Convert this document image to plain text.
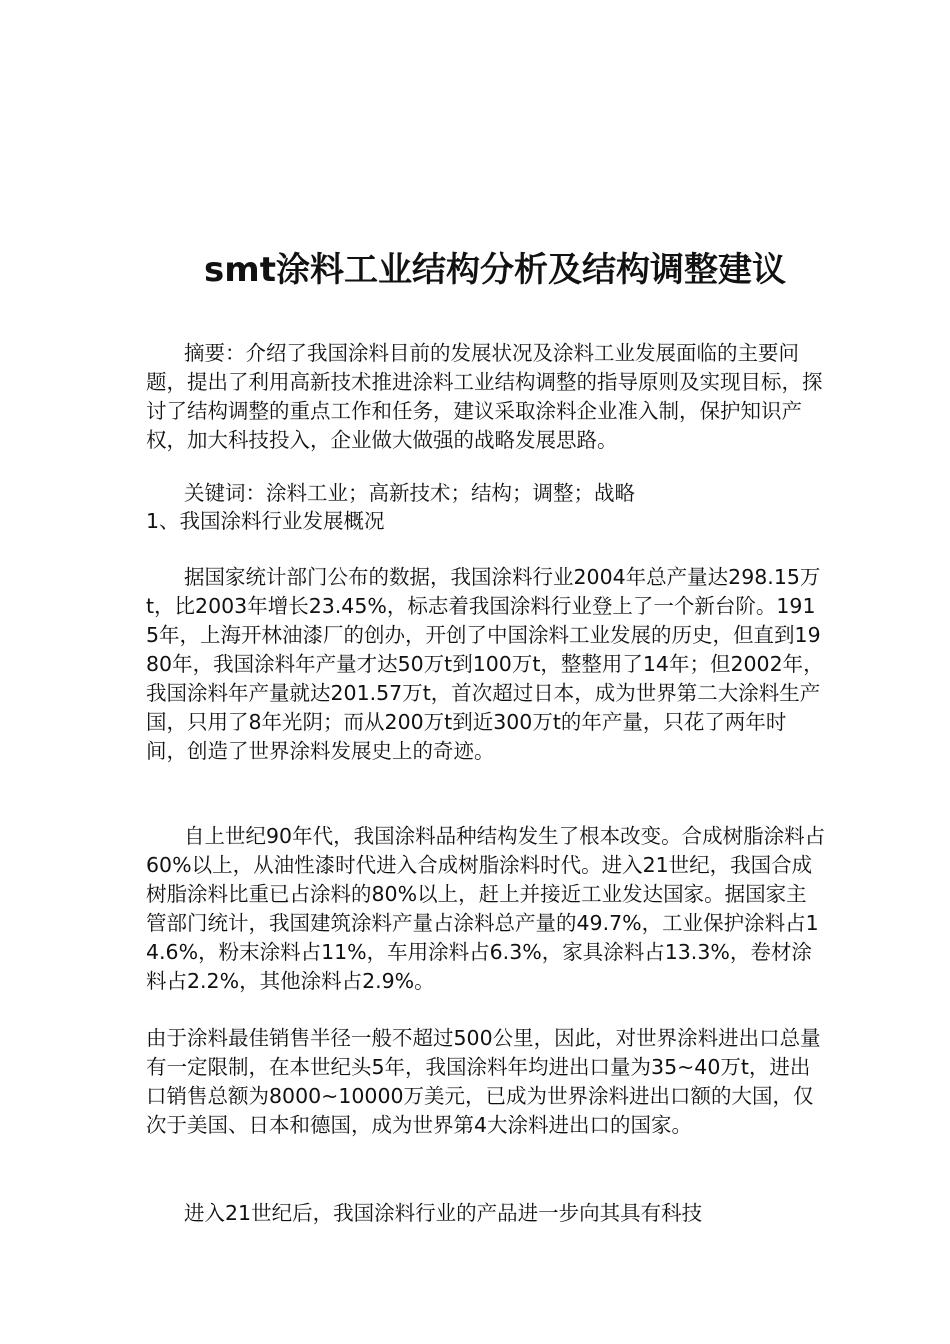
smt涂料工业结构分析及结构调整建议

摘要：介绍了我国涂料目前的发展状况及涂料工业发展面临的主要问题，提出了利用高新技术推进涂料工业结构调整的指导原则及实现目标，探讨了结构调整的重点工作和任务，建议采取涂料企业准入制，保护知识产权，加大科技投入，企业做大做强的战略发展思路。

关键词：涂料工业；高新技术；结构；调整；战略

1、我国涂料行业发展概况

据国家统计部门公布的数据，我国涂料行业2004年总产量达298.15万t，比2003年增长23.45%，标志着我国涂料行业登上了一个新台阶。1915年，上海开林油漆厂的创办，开创了中国涂料工业发展的历史，但直到1980年，我国涂料年产量才达50万t到100万t，整整用了14年；但2002年，我国涂料年产量就达201.57万t，首次超过日本，成为世界第二大涂料生产国，只用了8年光阴；而从200万t到近300万t的年产量，只花了两年时间，创造了世界涂料发展史上的奇迹。

自上世纪90年代，我国涂料品种结构发生了根本改变。合成树脂涂料占60%以上，从油性漆时代进入合成树脂涂料时代。进入21世纪，我国合成树脂涂料比重已占涂料的80%以上，赶上并接近工业发达国家。据国家主管部门统计，我国建筑涂料产量占涂料总产量的49.7%，工业保护涂料占14.6%，粉末涂料占11%，车用涂料占6.3%，家具涂料占13.3%，卷材涂料占2.2%，其他涂料占2.9%。

由于涂料最佳销售半径一般不超过500公里，因此，对世界涂料进出口总量有一定限制，在本世纪头5年，我国涂料年均进出口量为35~40万t，进出口销售总额为8000~10000万美元，已成为世界涂料进出口额的大国，仅次于美国、日本和德国，成为世界第4大涂料进出口的国家。

进入21世纪后，我国涂料行业的产品进一步向其具有科技
